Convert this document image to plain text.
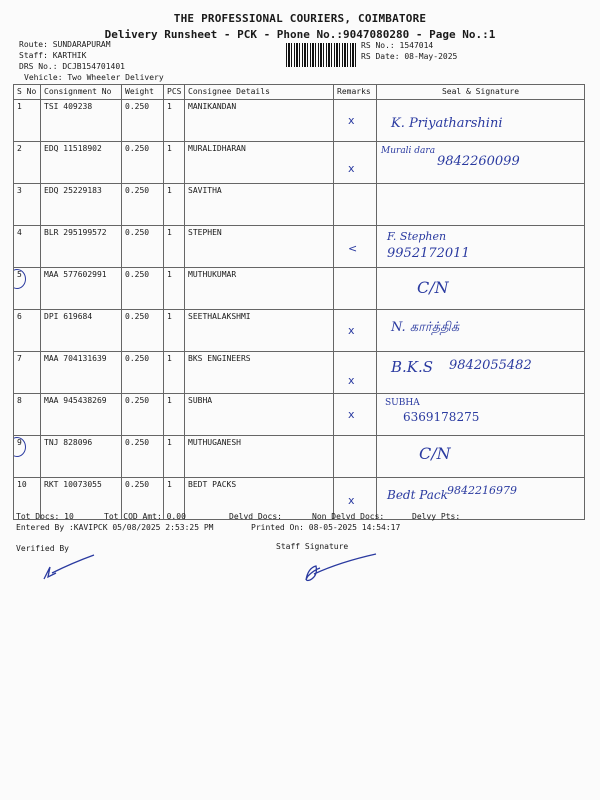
THE PROFESSIONAL COURIERS, COIMBATORE
Delivery Runsheet - PCK - Phone No.:9047080280 - Page No.:1
Route: SUNDARAPURAM
Staff: KARTHIK
DRS No.: DCJB154701401
Vehicle: Two Wheeler Delivery
RS No.: 1547014
RS Date: 08-May-2025
S No	Consignment No	Weight	PCS	Consignee Details	Remarks	Seal & Signature
1	TSI 409238	0.250	1	MANIKANDAN	x	K. Priyatharshini

2	EDQ 11518902	0.250	1	MURALIDHARAN	x	Murali dara
9842260099

3	EDQ 25229183	0.250	1	SAVITHA		
4	BLR 295199572	0.250	1	STEPHEN	<	F. Stephen
9952172011

5	MAA 577602991	0.250	1	MUTHUKUMAR		C/N

6	DPI 619684	0.250	1	SEETHALAKSHMI	x	N. கார்த்திக்

7	MAA 704131639	0.250	1	BKS ENGINEERS	x	B.K.S 9842055482

8	MAA 945438269	0.250	1	SUBHA	x	SUBHA
6369178275

9	TNJ 828096	0.250	1	MUTHUGANESH		C/N

10	RKT 10073055	0.250	1	BEDT PACKS	x	Bedt Pack 9842216979
Tot Docs: 10	Tot COD Amt: 0.00	Delvd Docs:	Non Delvd Docs:	Delvy Pts:
Entered By :KAVIPCK 05/08/2025 2:53:25 PM	Printed On: 08-05-2025 14:54:17
Verified By	Staff Signature
